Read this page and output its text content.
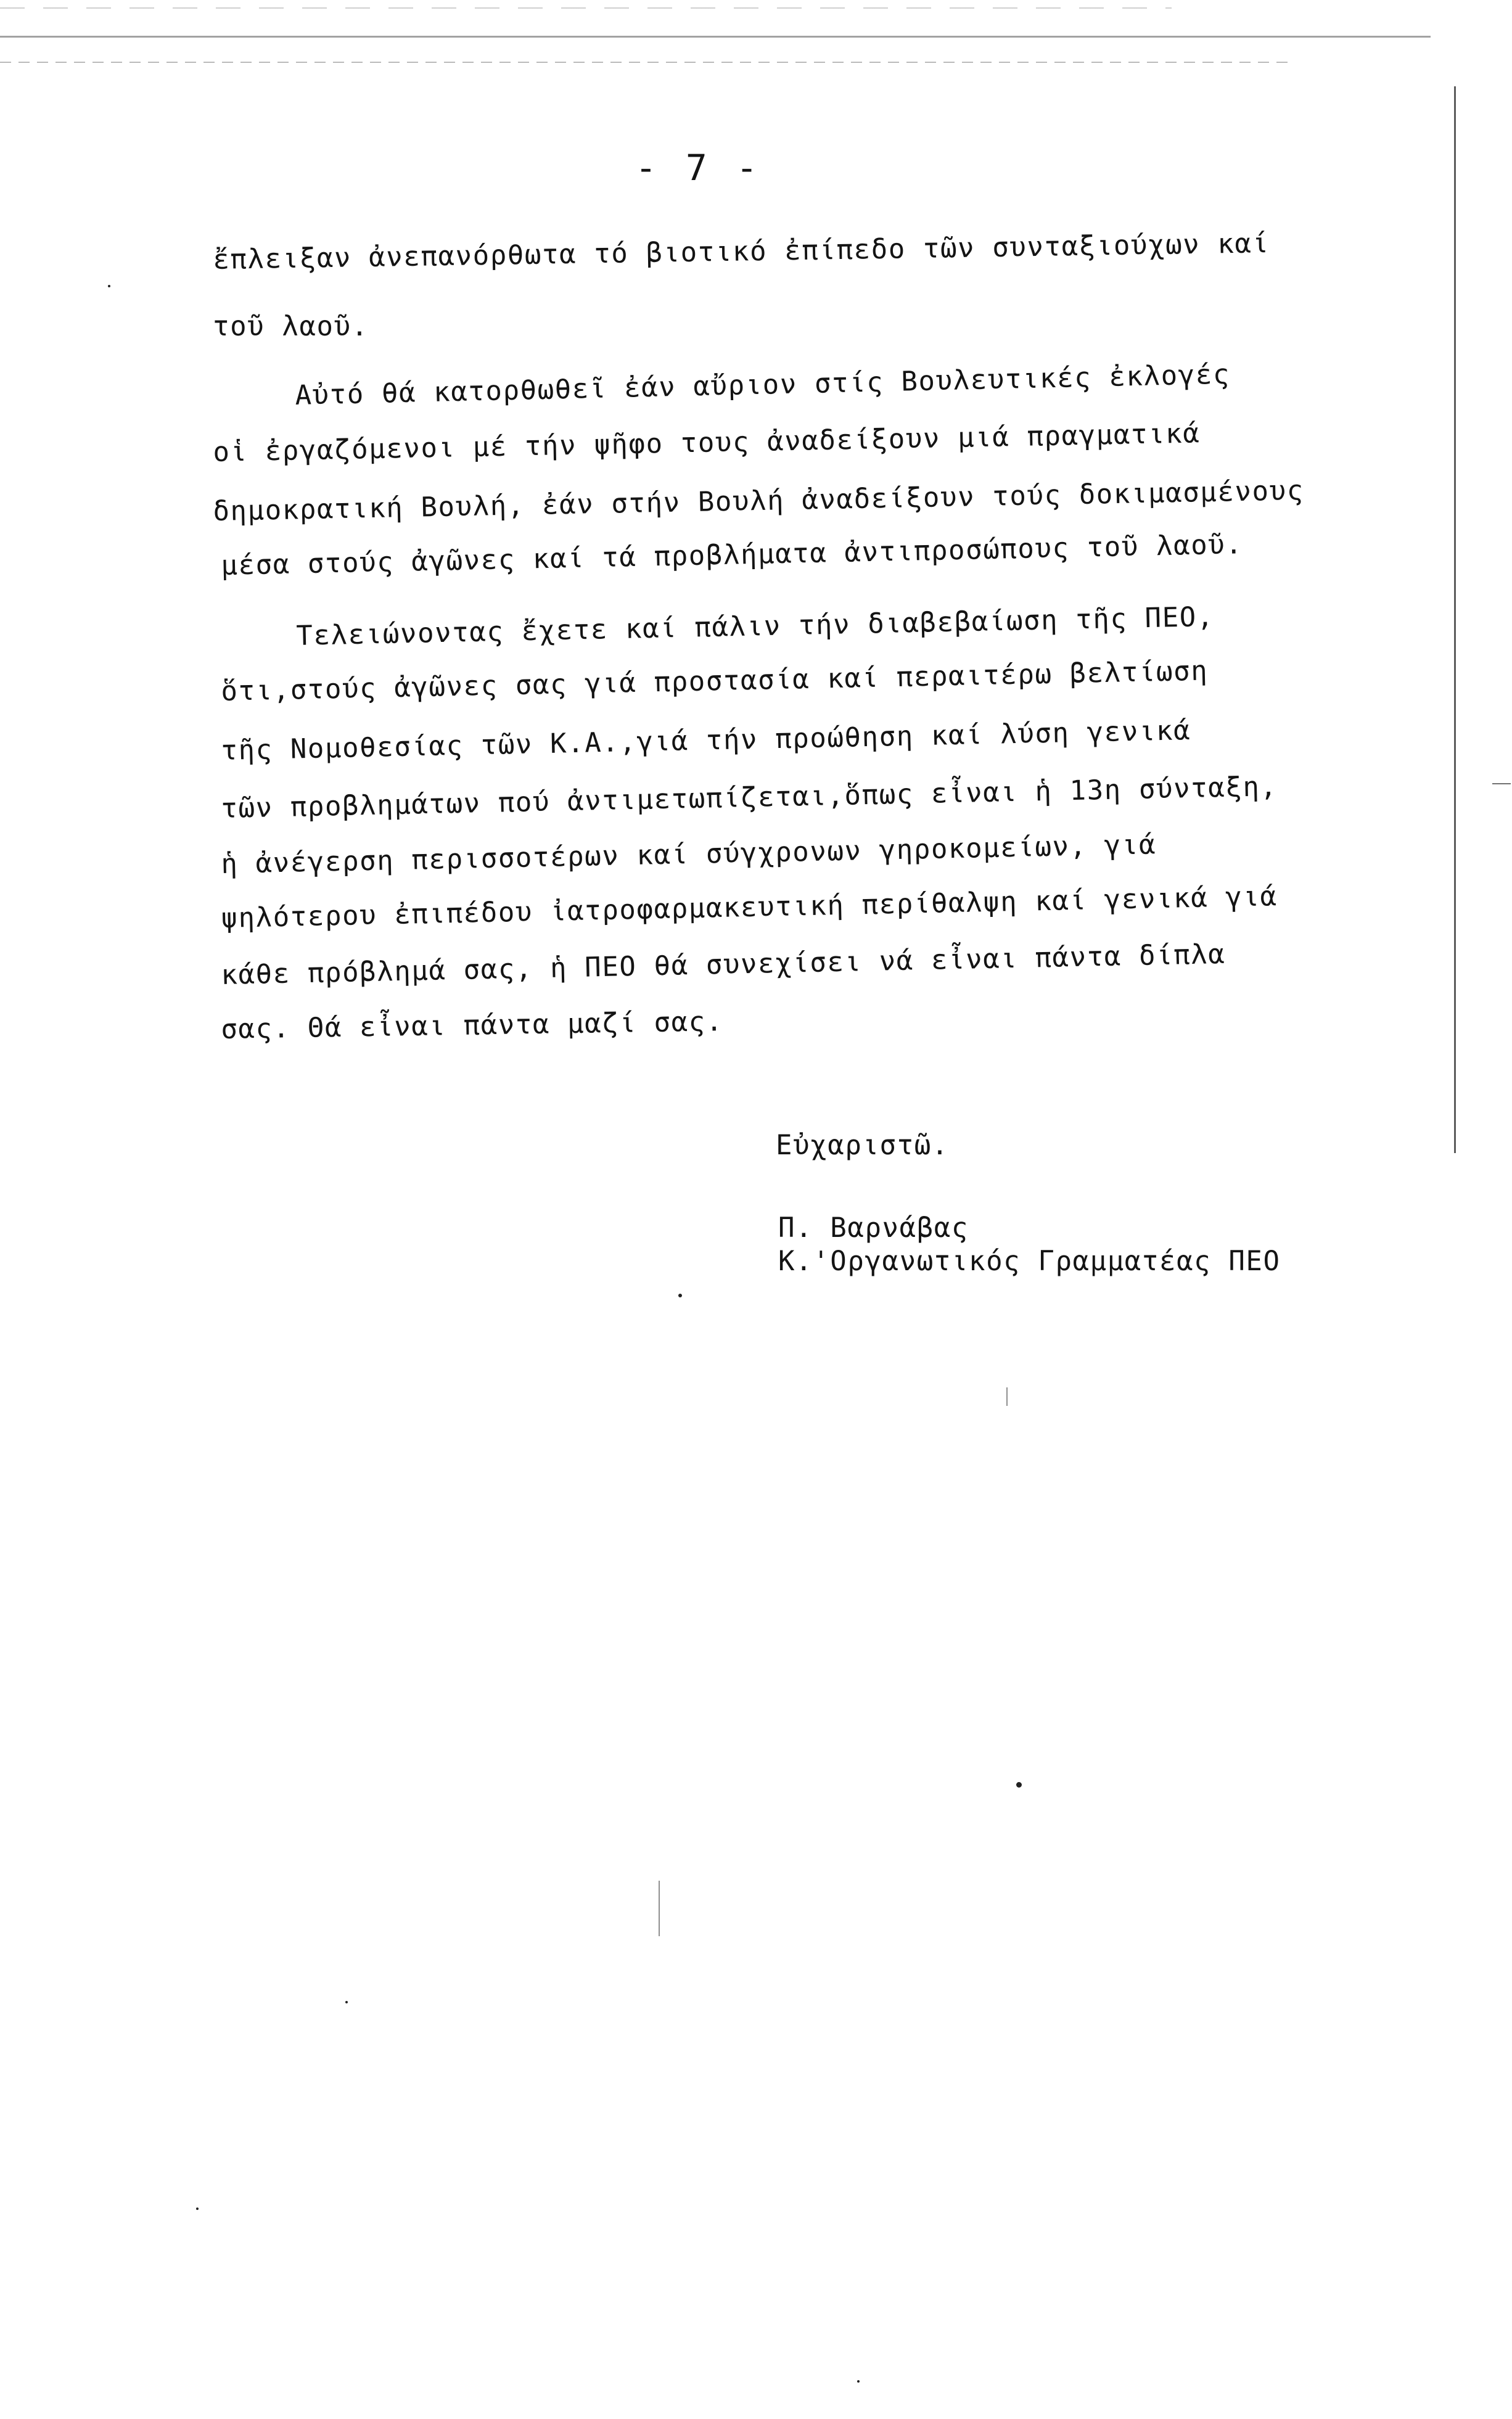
- 7 -
ἔπλειξαν ἀνεπανόρθωτα τό βιοτικό ἐπίπεδο τῶν συνταξιούχων καί
τοῦ λαοῦ.
Αὐτό θά κατορθωθεῖ ἐάν αὔριον στίς Βουλευτικές ἐκλογές
οἱ ἐργαζόμενοι μέ τήν ψῆφο τους ἀναδείξουν μιά πραγματικά
δημοκρατική Βουλή, ἐάν στήν Βουλή ἀναδείξουν τούς δοκιμασμένους
μέσα στούς ἀγῶνες καί τά προβλήματα ἀντιπροσώπους τοῦ λαοῦ.
Τελειώνοντας ἔχετε καί πάλιν τήν διαβεβαίωση τῆς ΠΕΟ,
ὅτι,στούς ἀγῶνες σας γιά προστασία καί περαιτέρω βελτίωση
τῆς Νομοθεσίας τῶν Κ.Α.,γιά τήν προώθηση καί λύση γενικά
τῶν προβλημάτων πού ἀντιμετωπίζεται,ὅπως εἶναι ἡ 13η σύνταξη,
ἡ ἀνέγερση περισσοτέρων καί σύγχρονων γηροκομείων, γιά
ψηλότερου ἐπιπέδου ἰατροφαρμακευτική περίθαλψη καί γενικά γιά
κάθε πρόβλημά σας, ἡ ΠΕΟ θά συνεχίσει νά εἶναι πάντα δίπλα
σας. Θά εἶναι πάντα μαζί σας.
Εὐχαριστῶ.
Π. Βαρνάβας
Κ.'Οργανωτικός Γραμματέας ΠΕΟ
